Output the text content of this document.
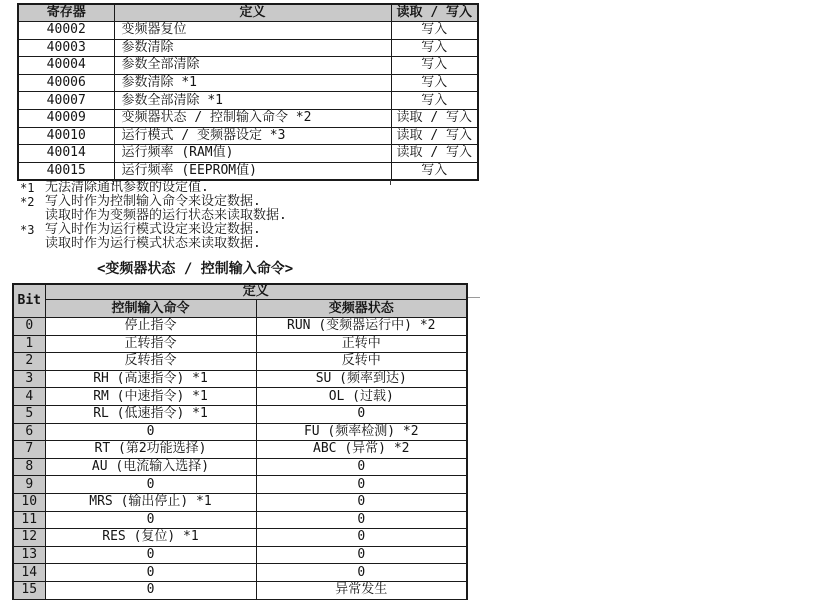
寄存器	定义	读取 / 写入
40002	变频器复位	写入
40003	参数清除	写入
40004	参数全部清除	写入
40006	参数清除 *1	写入
40007	参数全部清除 *1	写入
40009	变频器状态 / 控制输入命令 *2	读取 / 写入
40010	运行模式 / 变频器设定 *3	读取 / 写入
40014	运行频率 (RAM值)	读取 / 写入
40015	运行频率 (EEPROM值)	写入
*1 无法清除通讯参数的设定值.
*2 写入时作为控制输入命令来设定数据.
读取时作为变频器的运行状态来读取数据.
*3 写入时作为运行模式设定来设定数据.
读取时作为运行模式状态来读取数据.
<变频器状态 / 控制输入命令>
Bit	定义	
	控制输入命令	变频器状态
0	停止指令	RUN (变频器运行中) *2
1	正转指令	正转中
2	反转指令	反转中
3	RH (高速指令) *1	SU (频率到达)
4	RM (中速指令) *1	OL (过载)
5	RL (低速指令) *1	0
6	0	FU (频率检测) *2
7	RT (第2功能选择)	ABC (异常) *2
8	AU (电流输入选择)	0
9	0	0
10	MRS (输出停止) *1	0
11	0	0
12	RES (复位) *1	0
13	0	0
14	0	0
15	0	异常发生
